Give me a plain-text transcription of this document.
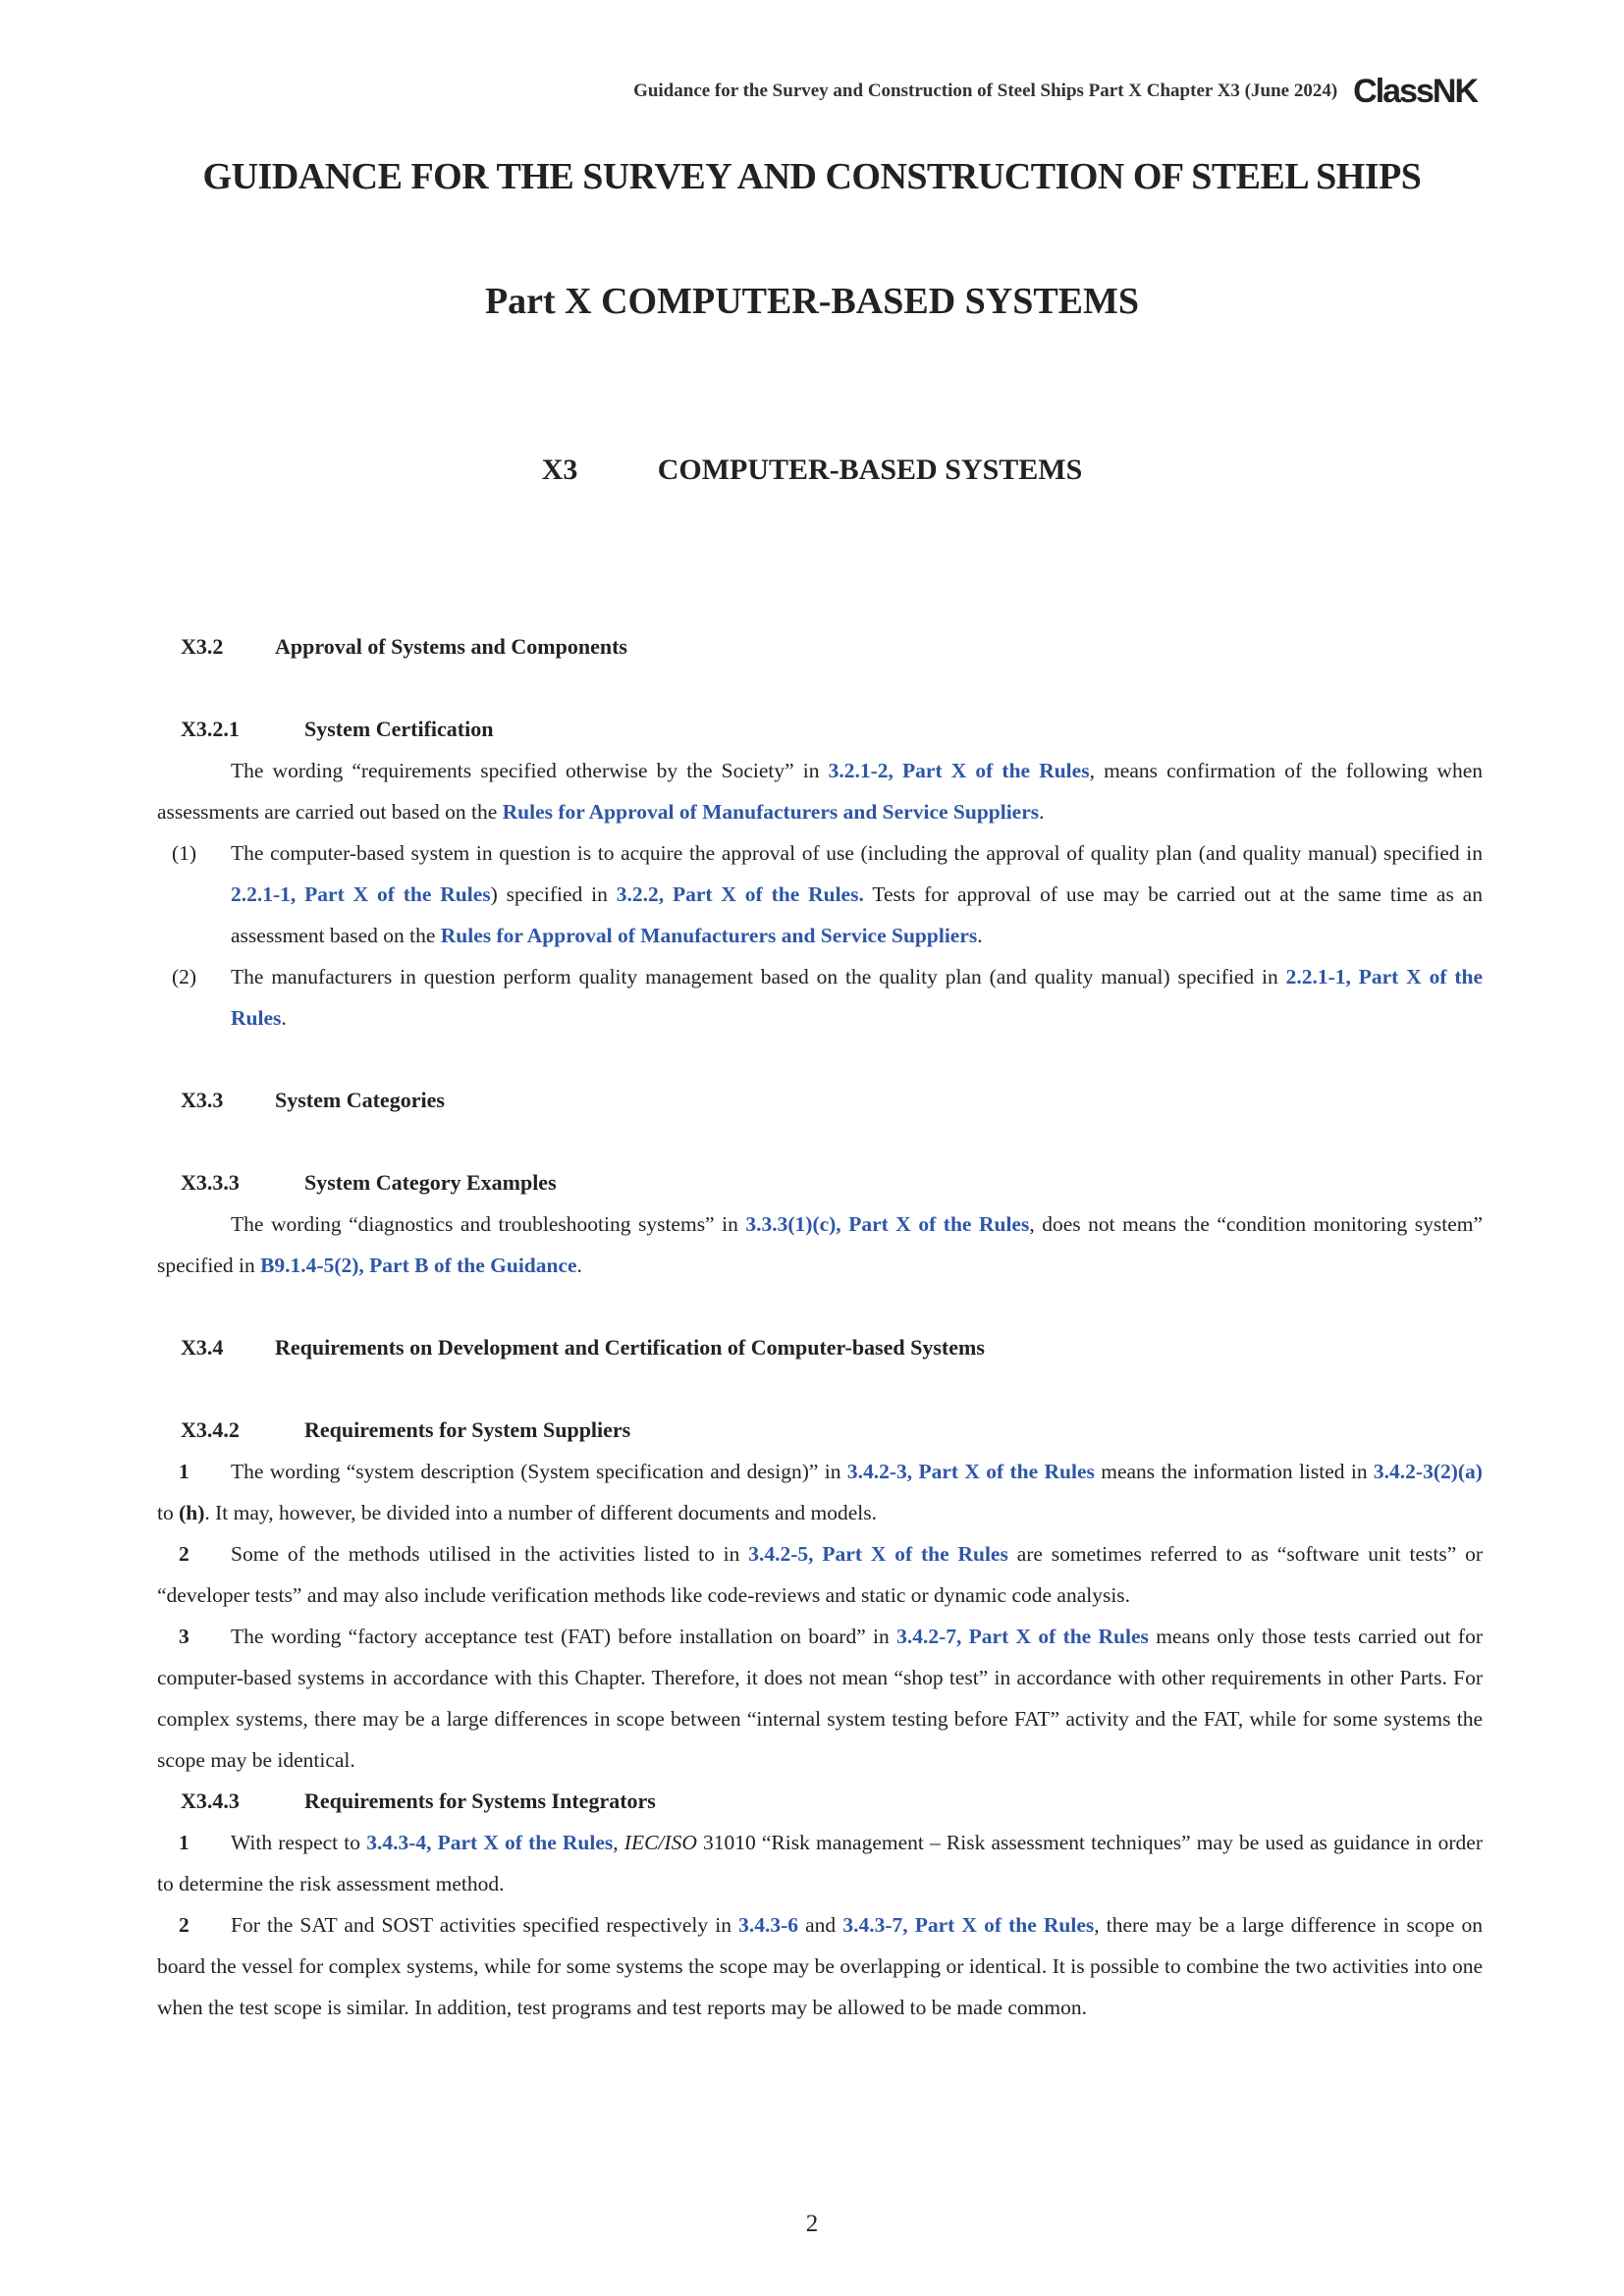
Guidance for the Survey and Construction of Steel Ships Part X Chapter X3 (June 2024) ClassNK
GUIDANCE FOR THE SURVEY AND CONSTRUCTION OF STEEL SHIPS
Part X COMPUTER-BASED SYSTEMS
X3	COMPUTER-BASED SYSTEMS

X3.2 Approval of Systems and Components

X3.2.1	System Certification

The wording “requirements specified otherwise by the Society” in 3.2.1-2, Part X of the Rules, means confirmation of the following when assessments are carried out based on the Rules for Approval of Manufacturers and Service Suppliers.

(1) The computer-based system in question is to acquire the approval of use (including the approval of quality plan (and quality manual) specified in 2.2.1-1, Part X of the Rules) specified in 3.2.2, Part X of the Rules. Tests for approval of use may be carried out at the same time as an assessment based on the Rules for Approval of Manufacturers and Service Suppliers.

(2) The manufacturers in question perform quality management based on the quality plan (and quality manual) specified in 2.2.1-1, Part X of the Rules.

X3.3 System Categories

X3.3.3	System Category Examples

The wording “diagnostics and troubleshooting systems” in 3.3.3(1)(c), Part X of the Rules, does not means the “condition monitoring system” specified in B9.1.4-5(2), Part B of the Guidance.

X3.4 Requirements on Development and Certification of Computer-based Systems

X3.4.2	Requirements for System Suppliers

1 The wording “system description (System specification and design)” in 3.4.2-3, Part X of the Rules means the information listed in 3.4.2-3(2)(a) to (h). It may, however, be divided into a number of different documents and models.

2 Some of the methods utilised in the activities listed to in 3.4.2-5, Part X of the Rules are sometimes referred to as “software unit tests” or “developer tests” and may also include verification methods like code-reviews and static or dynamic code analysis.

3 The wording “factory acceptance test (FAT) before installation on board” in 3.4.2-7, Part X of the Rules means only those tests carried out for computer-based systems in accordance with this Chapter. Therefore, it does not mean “shop test” in accordance with other requirements in other Parts. For complex systems, there may be a large differences in scope between “internal system testing before FAT” activity and the FAT, while for some systems the scope may be identical.

X3.4.3	Requirements for Systems Integrators

1 With respect to 3.4.3-4, Part X of the Rules, IEC/ISO 31010 “Risk management – Risk assessment techniques” may be used as guidance in order to determine the risk assessment method.

2 For the SAT and SOST activities specified respectively in 3.4.3-6 and 3.4.3-7, Part X of the Rules, there may be a large difference in scope on board the vessel for complex systems, while for some systems the scope may be overlapping or identical. It is possible to combine the two activities into one when the test scope is similar. In addition, test programs and test reports may be allowed to be made common.

2
